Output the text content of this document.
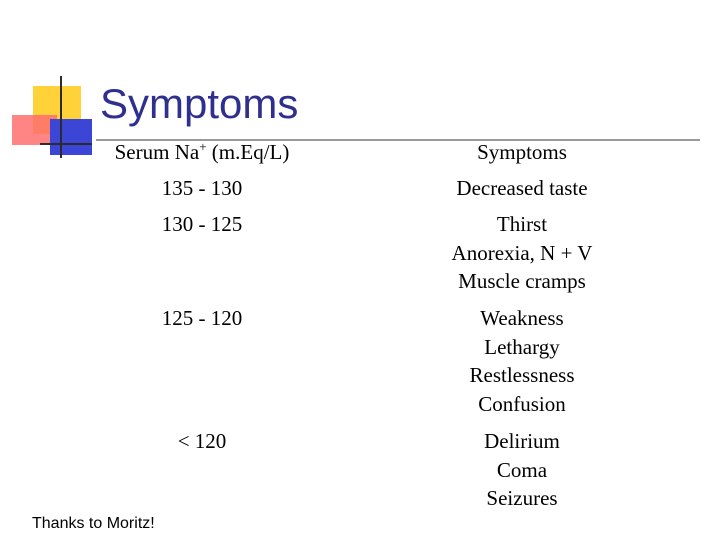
Symptoms
Serum Na+ (m.Eq/L)	Symptoms
135 - 130	Decreased taste
130 - 125	Thirst
Anorexia, N + V
Muscle cramps
125 - 120	Weakness
Lethargy
Restlessness
Confusion
< 120	Delirium
Coma
Seizures
Thanks to Moritz!
